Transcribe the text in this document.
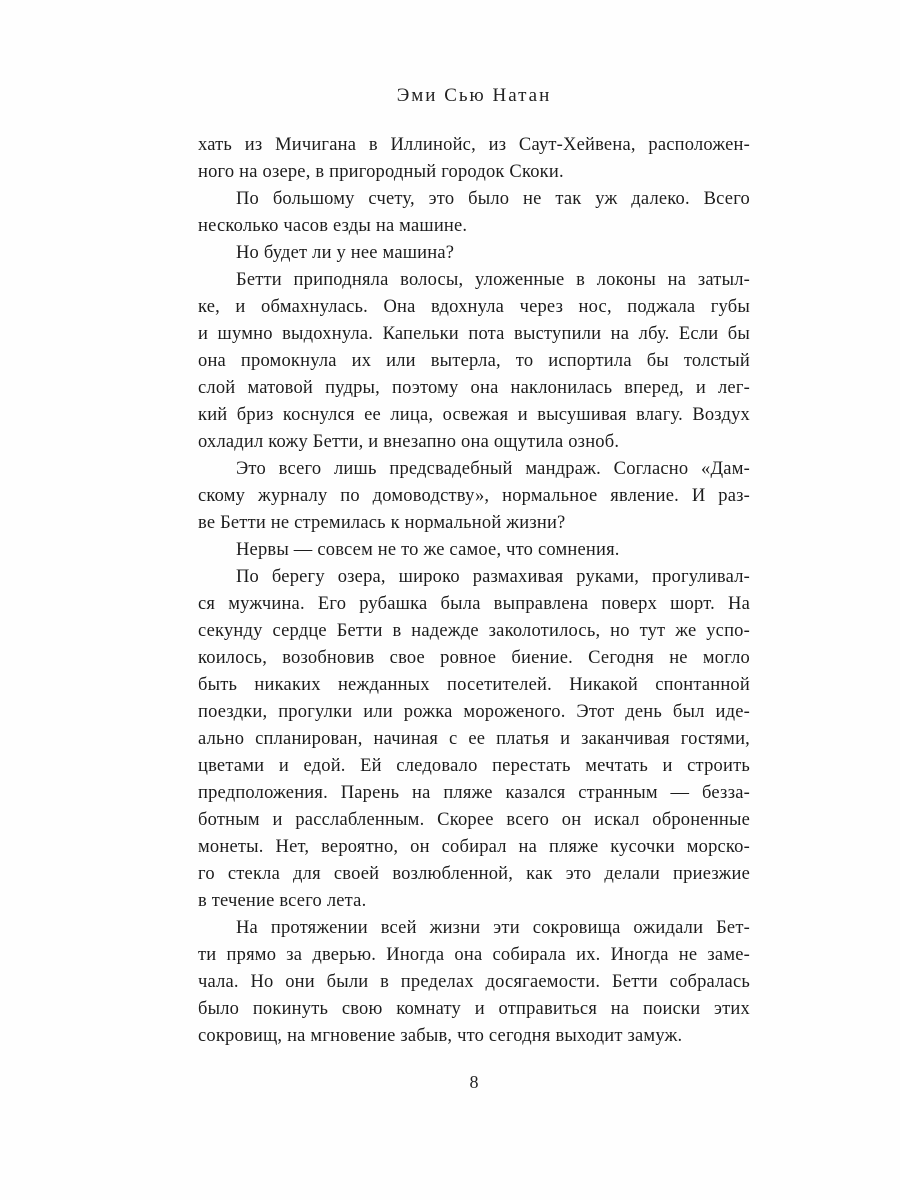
Эми Сью Натан
хать из Мичигана в Иллинойс, из Саут-Хейвена, расположен-
ного на озере, в пригородный городок Скоки.
По большому счету, это было не так уж далеко. Всего
несколько часов езды на машине.
Но будет ли у нее машина?
Бетти приподняла волосы, уложенные в локоны на затыл-
ке, и обмахнулась. Она вдохнула через нос, поджала губы
и шумно выдохнула. Капельки пота выступили на лбу. Если бы
она промокнула их или вытерла, то испортила бы толстый
слой матовой пудры, поэтому она наклонилась вперед, и лег-
кий бриз коснулся ее лица, освежая и высушивая влагу. Воздух
охладил кожу Бетти, и внезапно она ощутила озноб.
Это всего лишь предсвадебный мандраж. Согласно «Дам-
скому журналу по домоводству», нормальное явление. И раз-
ве Бетти не стремилась к нормальной жизни?
Нервы — совсем не то же самое, что сомнения.
По берегу озера, широко размахивая руками, прогуливал-
ся мужчина. Его рубашка была выправлена поверх шорт. На
секунду сердце Бетти в надежде заколотилось, но тут же успо-
коилось, возобновив свое ровное биение. Сегодня не могло
быть никаких нежданных посетителей. Никакой спонтанной
поездки, прогулки или рожка мороженого. Этот день был иде-
ально спланирован, начиная с ее платья и заканчивая гостями,
цветами и едой. Ей следовало перестать мечтать и строить
предположения. Парень на пляже казался странным — безза-
ботным и расслабленным. Скорее всего он искал оброненные
монеты. Нет, вероятно, он собирал на пляже кусочки морско-
го стекла для своей возлюбленной, как это делали приезжие
в течение всего лета.
На протяжении всей жизни эти сокровища ожидали Бет-
ти прямо за дверью. Иногда она собирала их. Иногда не заме-
чала. Но они были в пределах досягаемости. Бетти собралась
было покинуть свою комнату и отправиться на поиски этих
сокровищ, на мгновение забыв, что сегодня выходит замуж.
8
